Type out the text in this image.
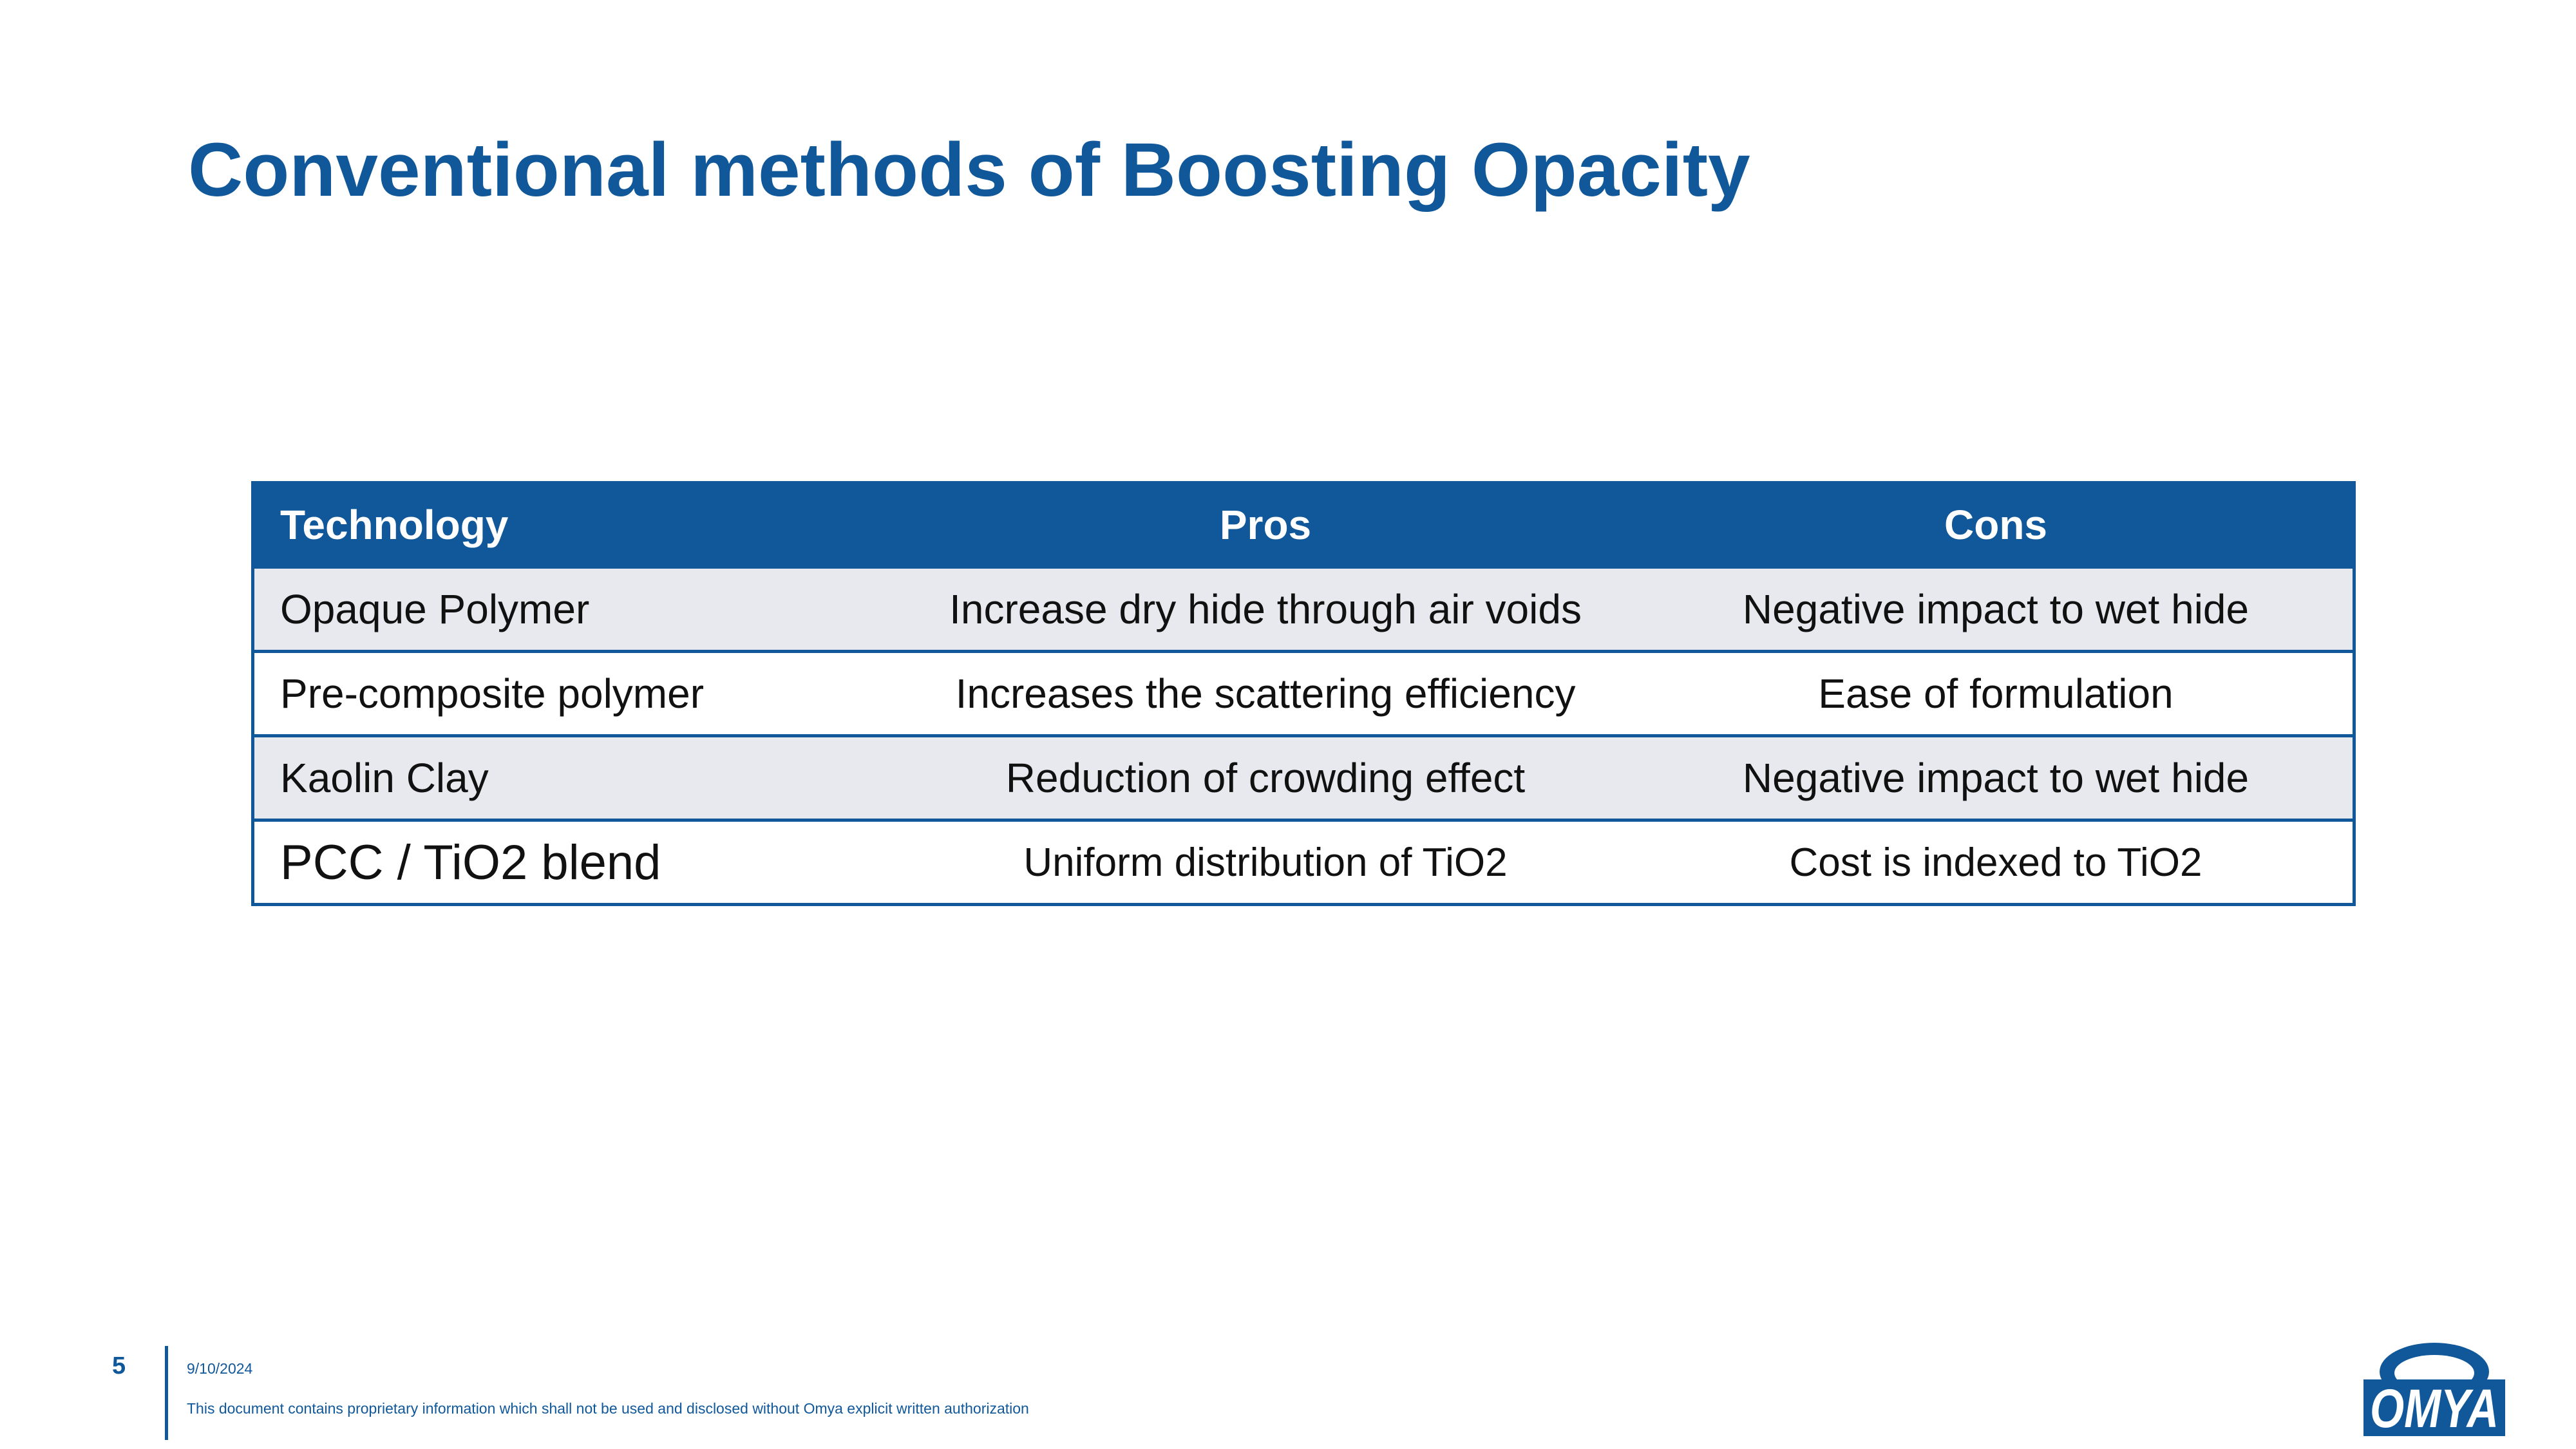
Conventional methods of Boosting Opacity
Technology	Pros	Cons
Opaque Polymer	Increase dry hide through air voids	Negative impact to wet hide
Pre-composite polymer	Increases the scattering efficiency	Ease of formulation
Kaolin Clay	Reduction of crowding effect	Negative impact to wet hide
PCC / TiO2 blend	Uniform distribution of TiO2	Cost is indexed to TiO2
5	9/10/2024
This document contains proprietary information which shall not be used and disclosed without Omya explicit written authorization	OMYA
